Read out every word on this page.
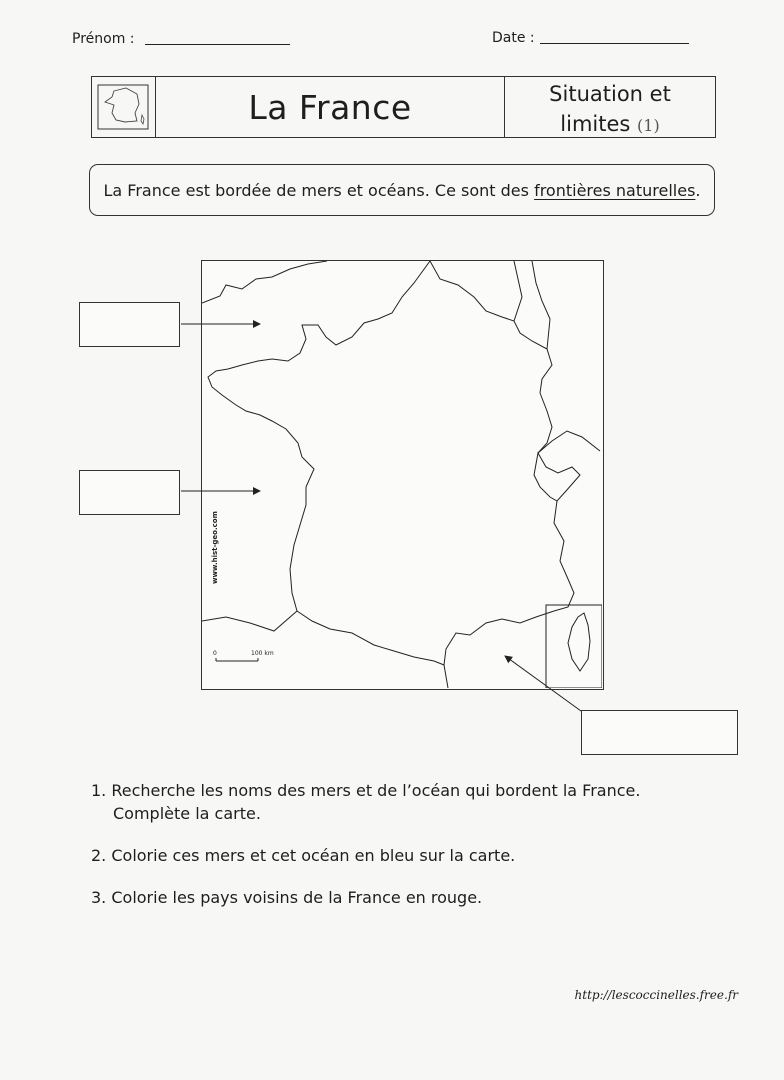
Prénom :	Date :
La France	Situation et
limites (1)
La France est bordée de mers et océans. Ce sont des frontières naturelles .
www.hist-geo.com
0	100 km
1. Recherche les noms des mers et de l’océan qui bordent la France.
Complète la carte.
2. Colorie ces mers et cet océan en bleu sur la carte.
3. Colorie les pays voisins de la France en rouge.
http://lescoccinelles.free.fr
